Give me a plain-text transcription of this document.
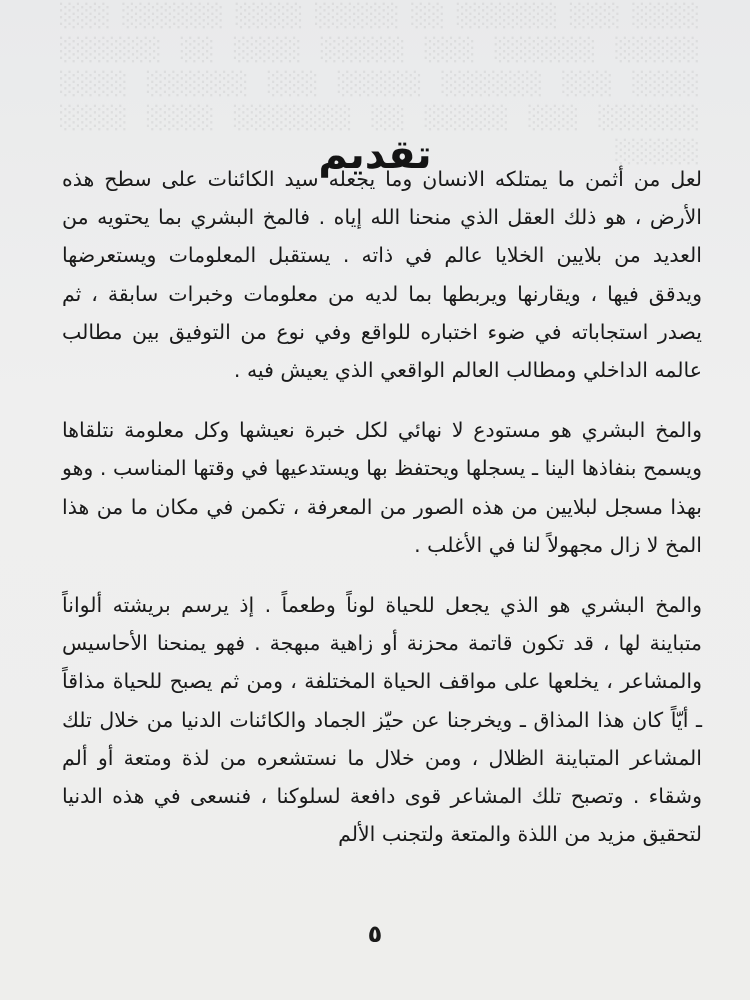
░░░░ ░░░ ░░░░░░ ░░ ░░░░░ ░░░░ ░░░░░░ ░░░ ░░░░░ ░░░░░░ ░░░ ░░░░░ ░░░░ ░░ ░░░░░░ ░░░░ ░░░ ░░░░░░ ░░░░░ ░░░ ░░░░░░ ░░░░ ░░░░░░ ░░░ ░░░░░ ░░ ░░░░░░░ ░░░░ ░░░░ ░░░░░
تقديم

لعل من أثمن ما يمتلكه الانسان وما يجعله سيد الكائنات على سطح هذه الأرض ، هو ذلك العقل الذي منحنا الله إياه . فالمخ البشري بما يحتويه من العديد من بلايين الخلايا عالم في ذاته . يستقبل المعلومات ويستعرضها ويدقق فيها ، ويقارنها ويربطها بما لديه من معلومات وخبرات سابقة ، ثم يصدر استجاباته في ضوء اختباره للواقع وفي نوع من التوفيق بين مطالب عالمه الداخلي ومطالب العالم الواقعي الذي يعيش فيه .

والمخ البشري هو مستودع لا نهائي لكل خبرة نعيشها وكل معلومة نتلقاها ويسمح بنفاذها الينا ـ يسجلها ويحتفظ بها ويستدعيها في وقتها المناسب . وهو بهذا مسجل لبلايين من هذه الصور من المعرفة ، تكمن في مكان ما من هذا المخ لا زال مجهولاً لنا في الأغلب .

والمخ البشري هو الذي يجعل للحياة لوناً وطعماً . إذ يرسم بريشته ألواناً متباينة لها ، قد تكون قاتمة محزنة أو زاهية مبهجة . فهو يمنحنا الأحاسيس والمشاعر ، يخلعها على مواقف الحياة المختلفة ، ومن ثم يصبح للحياة مذاقاً ـ أيّاً كان هذا المذاق ـ ويخرجنا عن حيّز الجماد والكائنات الدنيا من خلال تلك المشاعر المتباينة الظلال ، ومن خلال ما نستشعره من لذة ومتعة أو ألم وشقاء . وتصبح تلك المشاعر قوى دافعة لسلوكنا ، فنسعى في هذه الدنيا لتحقيق مزيد من اللذة والمتعة ولتجنب الألم

٥
